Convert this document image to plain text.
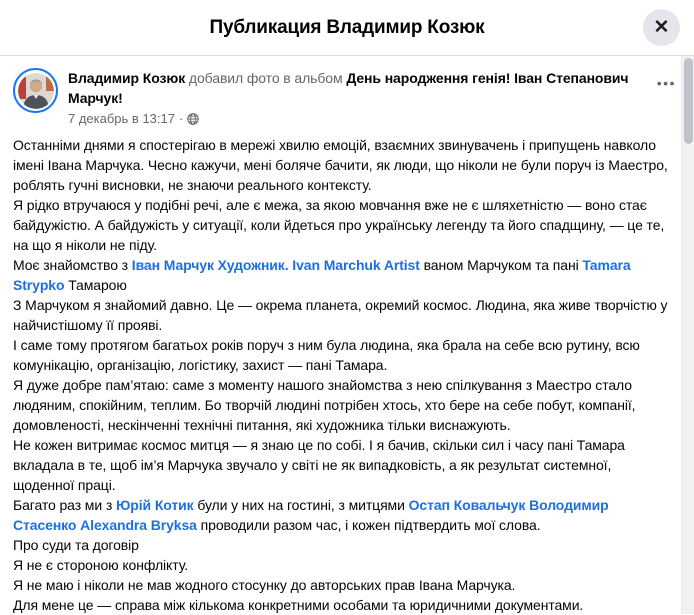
Публикация Владимир Козюк	✕
Владимир Козюк добавил фото в альбом День народження генія! Іван Степанович Марчук!
7 декабрь в 13:17 ·
•••

Останніми днями я спостерігаю в мережі хвилю емоцій, взаємних звинувачень і припущень навколо імені Івана Марчука. Чесно кажучи, мені боляче бачити, як люди, що ніколи не були поруч із Маестро, роблять гучні висновки, не знаючи реального контексту.

Я рідко втручаюся у подібні речі, але є межа, за якою мовчання вже не є шляхетністю — воно стає байдужістю. А байдужість у ситуації, коли йдеться про українську легенду та його спадщину, — це те, на що я ніколи не піду.

Моє знайомство з Іван Марчук Художник. Ivan Marchuk Artist ваном Марчуком та пані Tamara Strypko Тамарою

З Марчуком я знайомий давно. Це — окрема планета, окремий космос. Людина, яка живе творчістю у найчистішому її прояві.

І саме тому протягом багатьох років поруч з ним була людина, яка брала на себе всю рутину, всю комунікацію, організацію, логістику, захист — пані Тамара.

Я дуже добре пам’ятаю: саме з моменту нашого знайомства з нею спілкування з Маестро стало людяним, спокійним, теплим. Бо творчій людині потрібен хтось, хто бере на себе побут, компанії, домовленості, нескінченні технічні питання, які художника тільки виснажують.

Не кожен витримає космос митця — я знаю це по собі. І я бачив, скільки сил і часу пані Тамара вкладала в те, щоб ім’я Марчука звучало у світі не як випадковість, а як результат системної, щоденної праці.

Багато раз ми з Юрій Котик були у них на гостині, з митцями Остап Ковальчук Володимир Стасенко Alexandra Bryksa проводили разом час, і кожен підтвердить мої слова.

Про суди та договір

Я не є стороною конфлікту.

Я не маю і ніколи не мав жодного стосунку до авторських прав Івана Марчука.

Для мене це — справа між кількома конкретними особами та юридичними документами.
